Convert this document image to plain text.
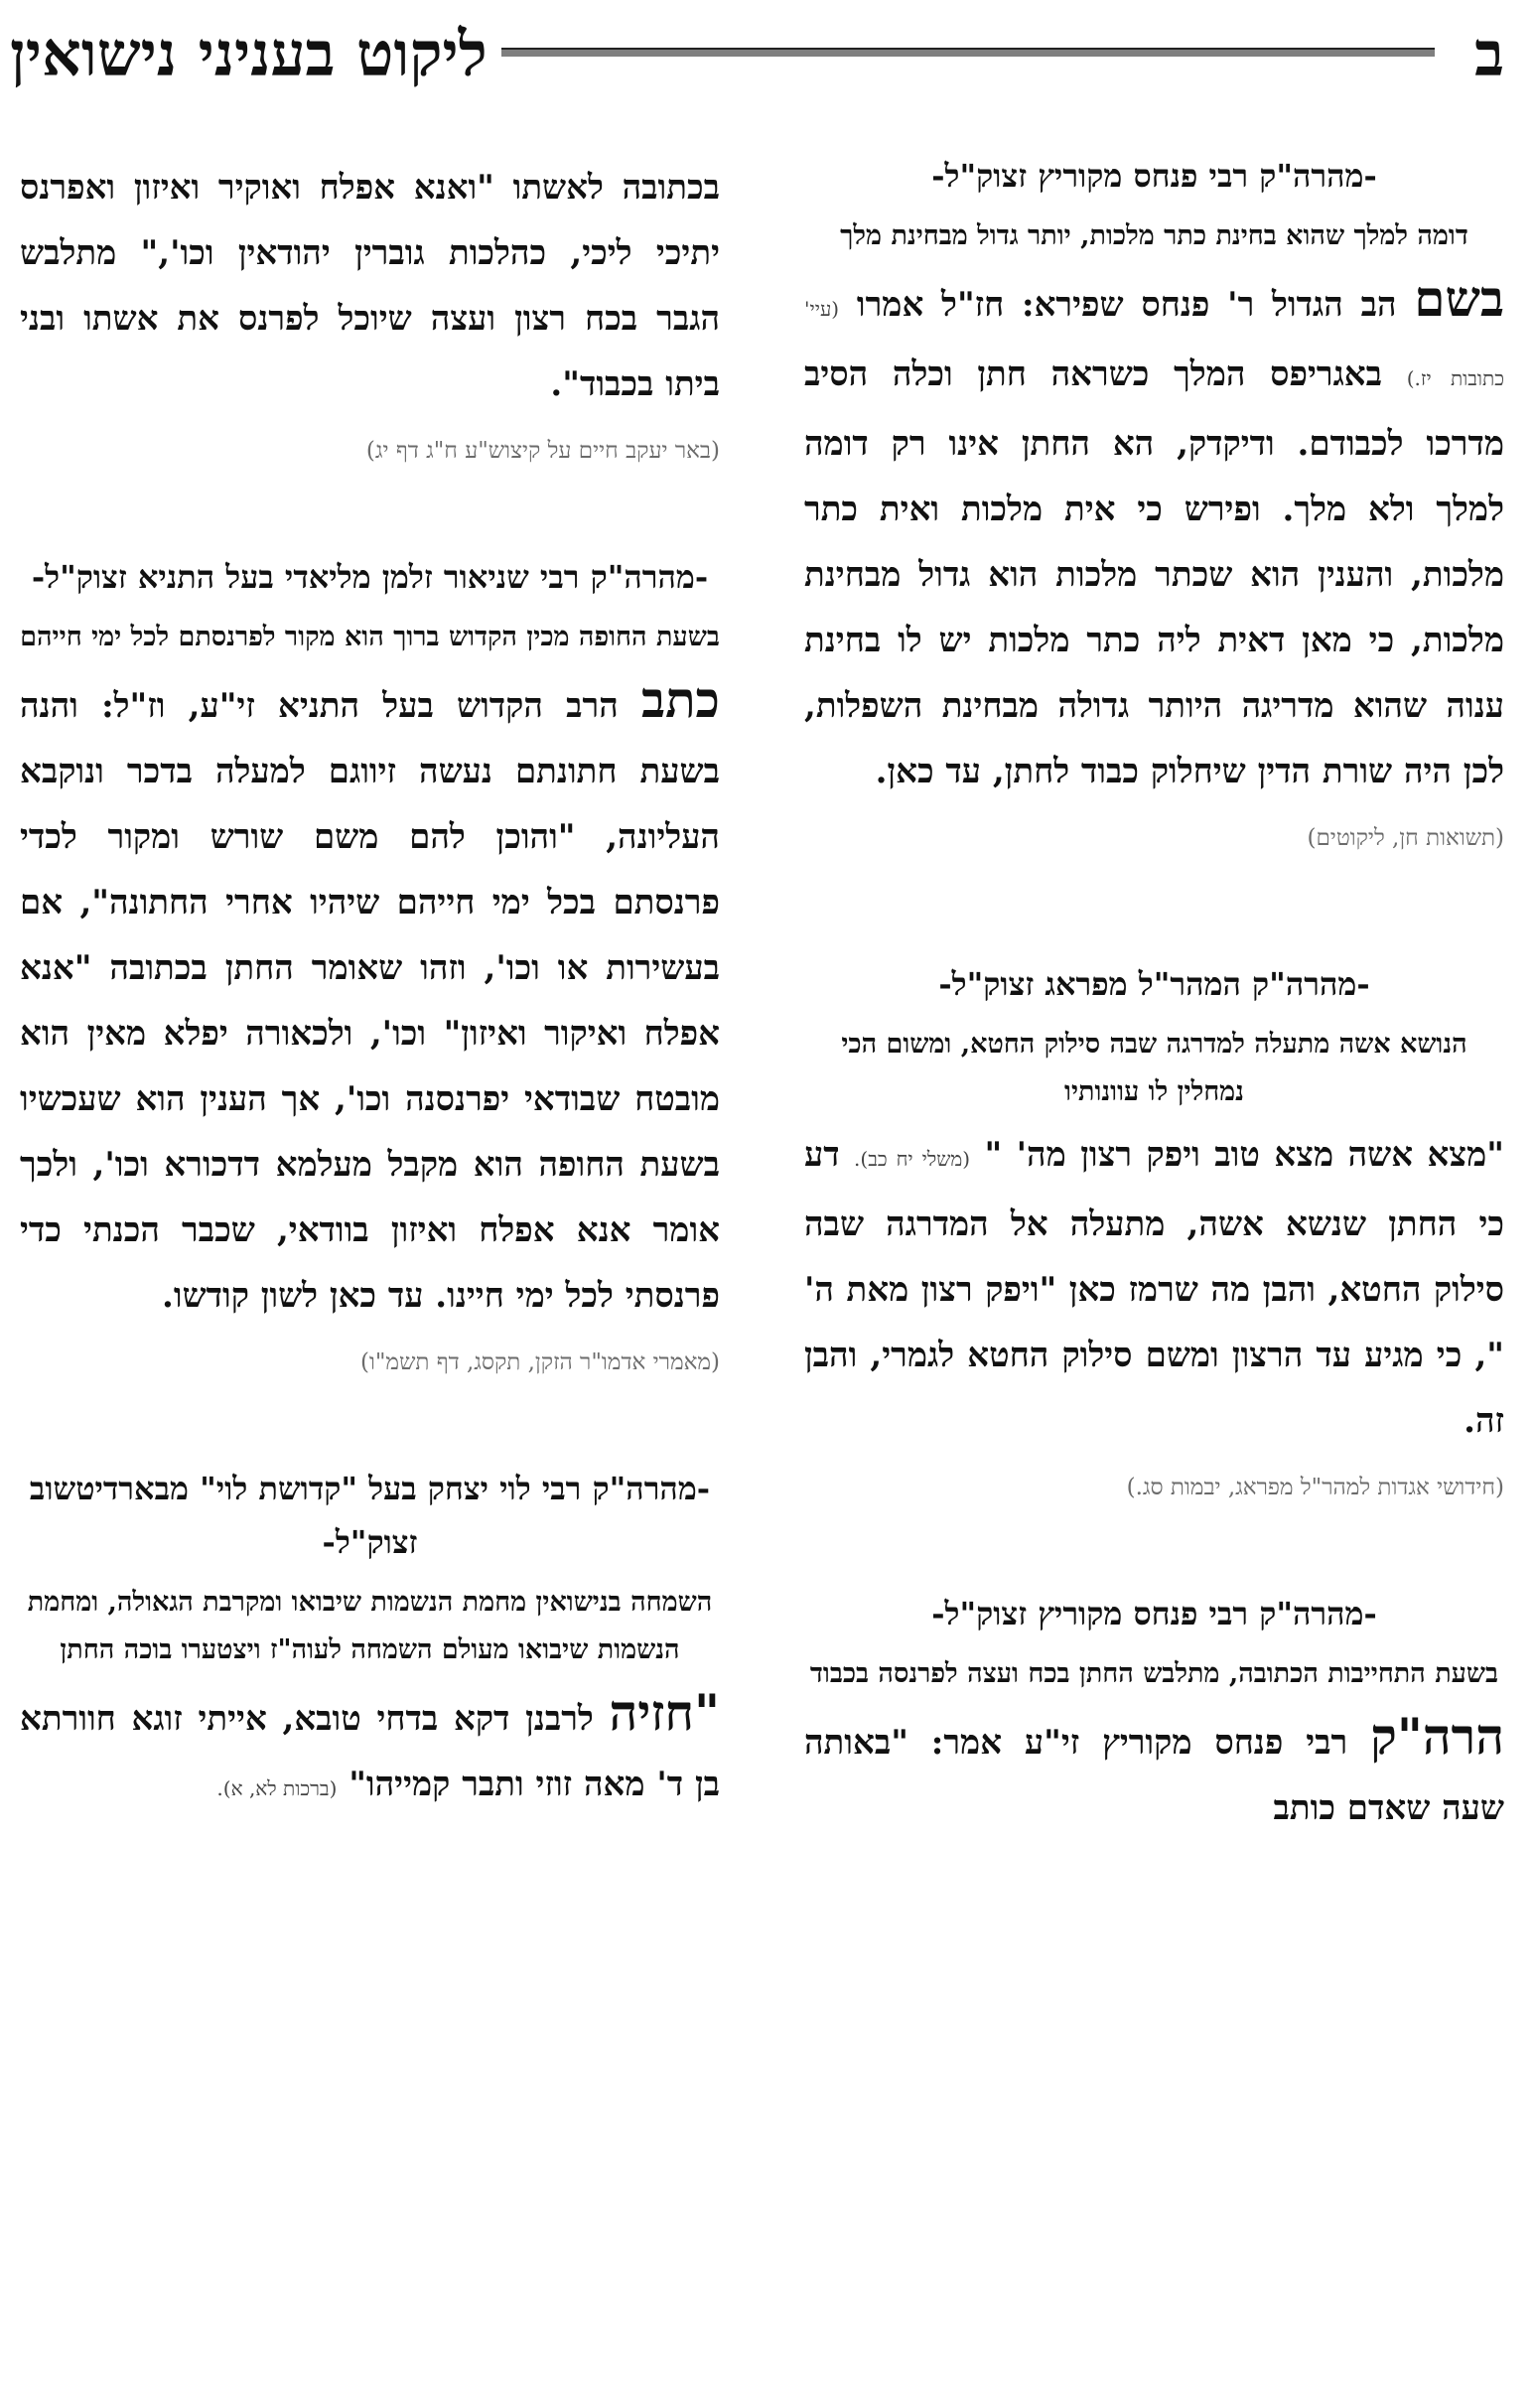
ב
ליקוט בעניני נישואין

-מהרה"ק רבי פנחס מקוריץ זצוק"ל-

דומה למלך שהוא בחינת כתר מלכות, יותר גדול מבחינת מלך

בשם הב הגדול ר' פנחס שפירא: חז"ל אמרו (עיי' כתובות יז.) באגריפס המלך כשראה חתן וכלה הסיב מדרכו לכבודם. ודיקדק, הא החתן אינו רק דומה למלך ולא מלך. ופירש כי אית מלכות ואית כתר מלכות, והענין הוא שכתר מלכות הוא גדול מבחינת מלכות, כי מאן דאית ליה כתר מלכות יש לו בחינת ענוה שהוא מדריגה היותר גדולה מבחינת השפלות, לכן היה שורת הדין שיחלוק כבוד לחתן, עד כאן.

(תשואות חן, ליקוטים)

-מהרה"ק המהר"ל מפראג זצוק"ל-

הנושא אשה מתעלה למדרגה שבה סילוק החטא, ומשום הכי נמחלין לו עוונותיו

"מצא אשה מצא טוב ויפק רצון מה' " (משלי יח כב). דע כי החתן שנשא אשה, מתעלה אל המדרגה שבה סילוק החטא, והבן מה שרמז כאן "ויפק רצון מאת ה' ", כי מגיע עד הרצון ומשם סילוק החטא לגמרי, והבן זה.

(חידושי אגדות למהר"ל מפראג, יבמות סג.)

-מהרה"ק רבי פנחס מקוריץ זצוק"ל-

בשעת התחייבות הכתובה, מתלבש החתן בכח ועצה לפרנסה בכבוד

הרה"ק רבי פנחס מקוריץ זי"ע אמר: "באותה שעה שאדם כותב

בכתובה לאשתו "ואנא אפלח ואוקיר ואיזון ואפרנס יתיכי ליכי, כהלכות גוברין יהודאין וכו'," מתלבש הגבר בכח רצון ועצה שיוכל לפרנס את אשתו ובני ביתו בכבוד".

(באר יעקב חיים על קיצוש"ע ח"ג דף יג)

-מהרה"ק רבי שניאור זלמן מליאדי בעל התניא זצוק"ל-

בשעת החופה מכין הקדוש ברוך הוא מקור לפרנסתם לכל ימי חייהם

כתב הרב הקדוש בעל התניא זי"ע, וז"ל: והנה בשעת חתונתם נעשה זיווגם למעלה בדכר ונוקבא העליונה, "והוכן להם משם שורש ומקור לכדי פרנסתם בכל ימי חייהם שיהיו אחרי החתונה", אם בעשירות או וכו', וזהו שאומר החתן בכתובה "אנא אפלח ואיקור ואיזון" וכו', ולכאורה יפלא מאין הוא מובטח שבודאי יפרנסנה וכו', אך הענין הוא שעכשיו בשעת החופה הוא מקבל מעלמא דדכורא וכו', ולכך אומר אנא אפלח ואיזון בוודאי, שכבר הכנתי כדי פרנסתי לכל ימי חיינו. עד כאן לשון קודשו.

(מאמרי אדמו"ר הזקן, תקסג, דף תשמ"ו)

-מהרה"ק רבי לוי יצחק בעל "קדושת לוי" מבארדיטשוב זצוק"ל-

השמחה בנישואין מחמת הנשמות שיבואו ומקרבת הגאולה, ומחמת הנשמות שיבואו מעולם השמחה לעוה"ז ויצטערו בוכה החתן

"חזיה לרבנן דקא בדחי טובא, אייתי זוגא חוורתא בן ד' מאה זוזי ותבר קמייהו" (ברכות לא, א).
